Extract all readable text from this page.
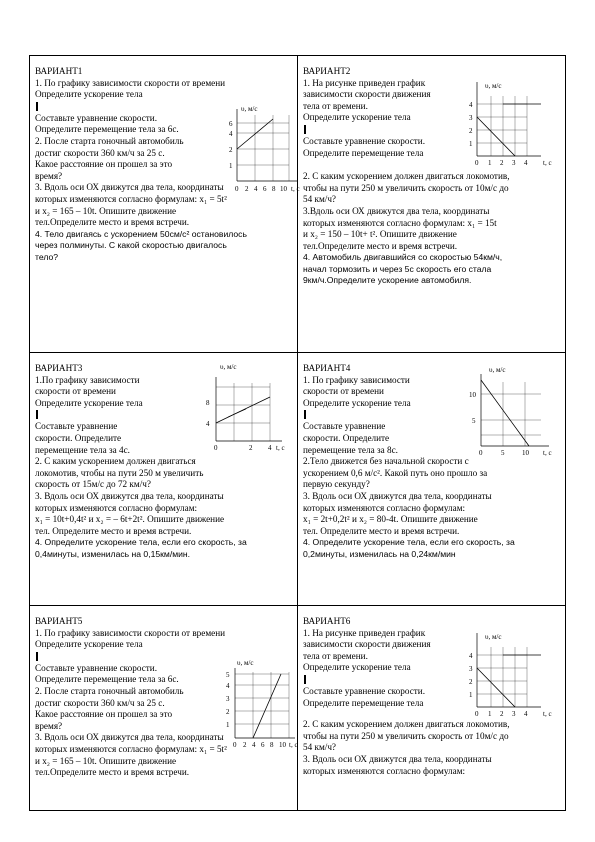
ВАРИАНТ1

1. По графику зависимости скорости от времени

Определите ускорение тела

Составьте уравнение скорости.

Определите перемещение тела за 6с.

2. После старта гоночный автомобиль

достиг скорости 360 км/ч за 25 с.

Какое расстояние он прошел за это

время?

3. Вдоль оси ОХ движутся два тела, координаты

которых изменяются согласно формулам: x₁ = 5t²

и x₂ = 165 – 10t. Опишите движение

тел.Определите место и время встречи.

4. Тело двигаясь с ускорением 50см/с² остановилось

через полминуты. С какой скоростью двигалось

тело?

υ, м/с
6
4
2
1
0 2 4 6 8 10 t, c

ВАРИАНТ2

1. На рисунке приведен график

зависимости скорости движения

тела от времени.

Определите ускорение тела

Составьте уравнение скорости.

Определите перемещение тела

2. С каким ускорением должен двигаться локомотив,

чтобы на пути 250 м увеличить скорость от 10м/с до

54 км/ч?

3.Вдоль оси ОХ движутся два тела, координаты

которых изменяются согласно формулам: x₁ = 15t

и x₂ = 150 – 10t+ t². Опишите движение

тел.Определите место и время встречи.

4. Автомобиль двигавшийся со скоростью 54км/ч,

начал тормозить и через 5с скорость его стала

9км/ч.Определите ускорение автомобиля.

υ, м/с
4
3
2
1
0 1 2 3 4 t, c

ВАРИАНТ3

1.По графику зависимости

скорости от времени

Определите ускорение тела

Составьте уравнение

скорости. Определите

перемещение тела за 4с.

2. С каким ускорением должен двигаться

локомотив, чтобы на пути 250 м увеличить

скорость от 15м/с до 72 км/ч?

3. Вдоль оси ОХ движутся два тела, координаты

которых изменяются согласно формулам:

x₁ = 10t+0,4t² и x₂ = – 6t+2t². Опишите движение

тел. Определите место и время встречи.

4. Определите ускорение тела, если его скорость, за

0,4минуты, изменилась на 0,15км/мин.

υ, м/с
8
4
0	2 4 t, c

ВАРИАНТ4

1. По графику зависимости

скорости от времени

Определите ускорение тела

Составьте уравнение

скорости. Определите

перемещение тела за 8с.

2.Тело движется без начальной скорости с

ускорением 0,6 м/с². Какой путь оно прошло за

первую секунду?

3. Вдоль оси ОХ движутся два тела, координаты

которых изменяются согласно формулам:

x₁ = 2t+0,2t² и x₂ = 80-4t. Опишите движение

тел. Определите место и время встречи.

4. Определите ускорение тела, если его скорость, за

0,2минуты, изменилась на 0,24км/мин

υ, м/с
10
5
0	5	10 t, c

ВАРИАНТ5

1. По графику зависимости скорости от времени

Определите ускорение тела

Составьте уравнение скорости.

Определите перемещение тела за 6с.

2. После старта гоночный автомобиль

достиг скорости 360 км/ч за 25 с.

Какое расстояние он прошел за это

время?

3. Вдоль оси ОХ движутся два тела, координаты

которых изменяются согласно формулам: x₁ = 5t²

и x₂ = 165 – 10t. Опишите движение

тел.Определите место и время встречи.

υ, м/с
5
4
3
2
1
0 2 4 6 8 10 t, c

ВАРИАНТ6

1. На рисунке приведен график

зависимости скорости движения

тела от времени.

Определите ускорение тела

Составьте уравнение скорости.

Определите перемещение тела

2. С каким ускорением должен двигаться локомотив,

чтобы на пути 250 м увеличить скорость от 10м/с до

54 км/ч?

3. Вдоль оси ОХ движутся два тела, координаты

которых изменяются согласно формулам:

υ, м/с
4
3
2
1
0 1 2 3 4 t, c
